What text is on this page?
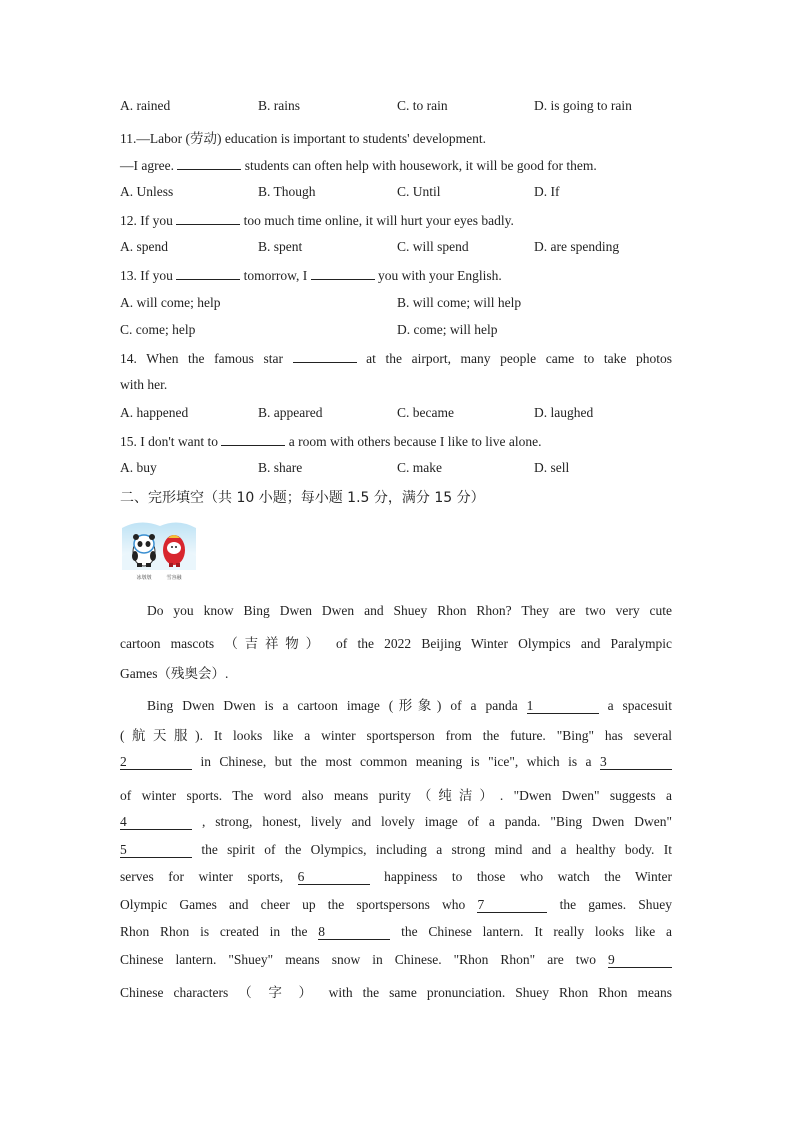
A. rained	B. rains	C. to rain	D. is going to rain
11.—Labor (劳动) education is important to students' development.
—I agree.	students can often help with housework, it will be good for them.
A. Unless	B. Though	C. Until	D. If
12. If you	too much time online, it will hurt your eyes badly.
A. spend	B. spent	C. will spend	D. are spending
13. If you	tomorrow, I	you with your English.
A. will come; help	B. will come; will help
C. come; help	D. come; will help
14. When the famous star	at the airport, many people came to take photos
with her.
A. happened	B. appeared	C. became	D. laughed
15. I don't want to	a room with others because I like to live alone.
A. buy	B. share	C. make	D. sell
二、完形填空（共 10 小题；每小题 1.5 分，满分 15 分）
冰墩墩	雪容融
Do you know Bing Dwen Dwen and Shuey Rhon Rhon? They are two very cute
cartoon mascots （吉祥物） of the 2022 Beijing Winter Olympics and Paralympic
Games（残奥会）.
Bing Dwen Dwen is a cartoon image (形象) of a panda 1	a spacesuit
(航天服). It looks like a winter sportsperson from the future. "Bing" has several
2	in Chinese, but the most common meaning is "ice", which is a 3
of winter sports. The word also means purity（纯洁）. "Dwen Dwen" suggests a
4	, strong, honest, lively and lovely image of a panda. "Bing Dwen Dwen"
5	the spirit of the Olympics, including a strong mind and a healthy body. It
serves for winter sports, 6	happiness to those who watch the Winter
Olympic Games and cheer up the sportspersons who 7	the games. Shuey
Rhon Rhon is created in the 8	the Chinese lantern. It really looks like a
Chinese lantern. "Shuey" means snow in Chinese. "Rhon Rhon" are two 9
Chinese characters （ 字 ） with the same pronunciation. Shuey Rhon Rhon means
